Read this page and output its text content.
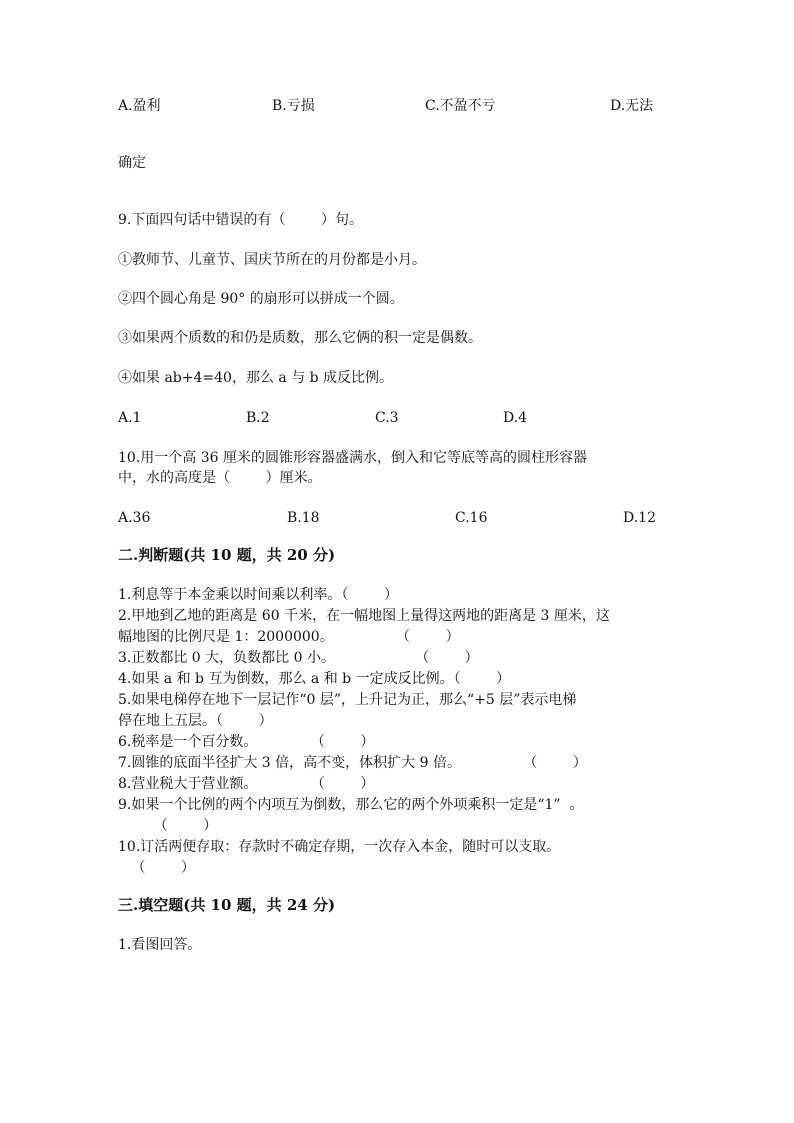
A.盈利	B.亏损	C.不盈不亏	D.无法
确定
9.下面四句话中错误的有（        ）句。
①教师节、儿童节、国庆节所在的月份都是小月。
②四个圆心角是 90° 的扇形可以拼成一个圆。
③如果两个质数的和仍是质数，那么它俩的积一定是偶数。
④如果 ab+4=40，那么 a 与 b 成反比例。
A.1	B.2	C.3	D.4
10.用一个高 36 厘米的圆锥形容器盛满水，倒入和它等底等高的圆柱形容器
中，水的高度是（        ）厘米。
A.36	B.18	C.16	D.12
二.判断题(共 10 题，共 20 分)
1.利息等于本金乘以时间乘以利率。（        ）
2.甲地到乙地的距离是 60 千米，在一幅地图上量得这两地的距离是 3 厘米，这
幅地图的比例尺是 1：2000000。              （        ）
3.正数都比 0 大，负数都比 0 小。                  （        ）
4.如果 a 和 b 互为倒数，那么 a 和 b 一定成反比例。（        ）
5.如果电梯停在地下一层记作“0 层”，上升记为正，那么“+5 层”表示电梯
停在地上五层。（        ）
6.税率是一个百分数。            （        ）
7.圆锥的底面半径扩大 3 倍，高不变，体积扩大 9 倍。              （        ）
8.营业税大于营业额。            （        ）
9.如果一个比例的两个内项互为倒数，那么它的两个外项乘积一定是“1”  。
（        ）
10.订活两便存取：存款时不确定存期，一次存入本金，随时可以支取。
（        ）
三.填空题(共 10 题，共 24 分)
1.看图回答。
